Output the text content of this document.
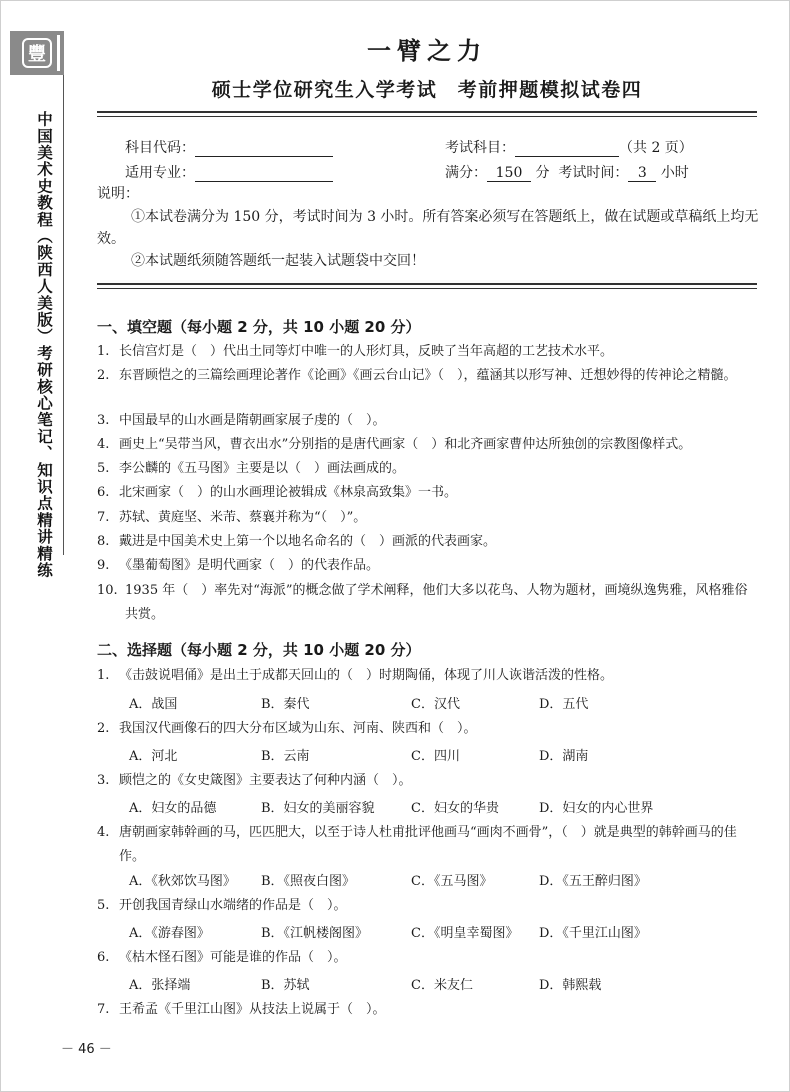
豐
中国美术史教程（陕西人美版）考研核心笔记、知识点精讲精练
一臂之力
硕士学位研究生入学考试　考前押题模拟试卷四
科目代码：	考试科目：	（共 2 页）
适用专业：	满分： 150 分 考试时间： 3 小时
说明：
①本试卷满分为 150 分，考试时间为 3 小时。所有答案必须写在答题纸上，做在试题或草稿纸上均无效。
②本试题纸须随答题纸一起装入试题袋中交回！
一、填空题（每小题 2 分，共 10 小题 20 分）
1. 长信宫灯是（　）代出土同等灯中唯一的人形灯具，反映了当年高超的工艺技术水平。
2. 东晋顾恺之的三篇绘画理论著作《论画》《画云台山记》（　），蕴涵其以形写神、迁想妙得的传神论之精髓。
3. 中国最早的山水画是隋朝画家展子虔的（　）。
4. 画史上“吴带当风，曹衣出水”分别指的是唐代画家（　）和北齐画家曹仲达所独创的宗教图像样式。
5. 李公麟的《五马图》主要是以（　）画法画成的。
6. 北宋画家（　）的山水画理论被辑成《林泉高致集》一书。
7. 苏轼、黄庭坚、米芾、蔡襄并称为“（　）”。
8. 戴进是中国美术史上第一个以地名命名的（　）画派的代表画家。
9. 《墨葡萄图》是明代画家（　）的代表作品。
10. 1935 年（　）率先对“海派”的概念做了学术阐释，他们大多以花鸟、人物为题材，画境纵逸隽雅，风格雅俗共赏。
二、选择题（每小题 2 分，共 10 小题 20 分）
1. 《击鼓说唱俑》是出土于成都天回山的（　）时期陶俑，体现了川人诙谐活泼的性格。
A．战国	B．秦代	C．汉代	D．五代
2. 我国汉代画像石的四大分布区域为山东、河南、陕西和（　）。
A．河北	B．云南	C．四川	D．湖南
3. 顾恺之的《女史箴图》主要表达了何种内涵（　）。
A．妇女的品德	B．妇女的美丽容貌	C．妇女的华贵	D．妇女的内心世界
4. 唐朝画家韩幹画的马，匹匹肥大，以至于诗人杜甫批评他画马“画肉不画骨”，（　）就是典型的韩幹画马的佳作。
A．《秋郊饮马图》 B．《照夜白图》	C．《五马图》	D．《五王醉归图》
5. 开创我国青绿山水端绪的作品是（　）。
A．《游春图》	B．《江帆楼阁图》	C．《明皇幸蜀图》 D．《千里江山图》
6. 《枯木怪石图》可能是谁的作品（　）。
A．张择端	B．苏轼	C．米友仁	D．韩熙载
7. 王希孟《千里江山图》从技法上说属于（　）。
－ 46 －
